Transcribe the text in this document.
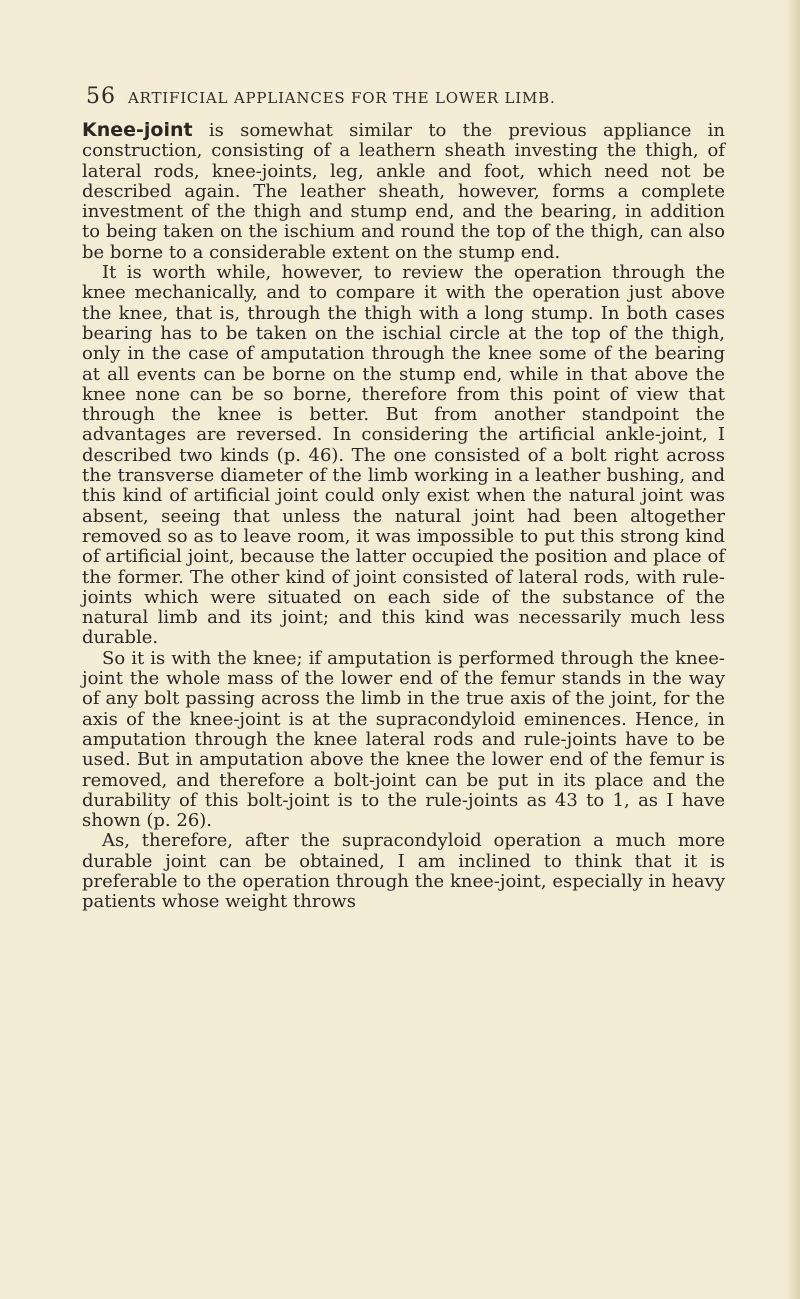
56 ARTIFICIAL APPLIANCES FOR THE LOWER LIMB.

Knee-joint is somewhat similar to the previous appliance in construction, consisting of a leathern sheath investing the thigh, of lateral rods, knee-joints, leg, ankle and foot, which need not be described again. The leather sheath, however, forms a complete investment of the thigh and stump end, and the bearing, in addition to being taken on the ischium and round the top of the thigh, can also be borne to a considerable extent on the stump end.

It is worth while, however, to review the operation through the knee mechanically, and to compare it with the operation just above the knee, that is, through the thigh with a long stump. In both cases bearing has to be taken on the ischial circle at the top of the thigh, only in the case of amputation through the knee some of the bearing at all events can be borne on the stump end, while in that above the knee none can be so borne, therefore from this point of view that through the knee is better. But from another standpoint the advantages are reversed. In considering the artificial ankle-joint, I described two kinds (p. 46). The one consisted of a bolt right across the transverse diameter of the limb working in a leather bushing, and this kind of artificial joint could only exist when the natural joint was absent, seeing that unless the natural joint had been altogether removed so as to leave room, it was impossible to put this strong kind of artificial joint, because the latter occupied the position and place of the former. The other kind of joint consisted of lateral rods, with rule-joints which were situated on each side of the substance of the natural limb and its joint; and this kind was necessarily much less durable.

So it is with the knee; if amputation is performed through the knee-joint the whole mass of the lower end of the femur stands in the way of any bolt passing across the limb in the true axis of the joint, for the axis of the knee-joint is at the supracondyloid eminences. Hence, in amputation through the knee lateral rods and rule-joints have to be used. But in amputation above the knee the lower end of the femur is removed, and therefore a bolt-joint can be put in its place and the durability of this bolt-joint is to the rule-joints as 43 to 1, as I have shown (p. 26).

As, therefore, after the supracondyloid operation a much more durable joint can be obtained, I am inclined to think that it is preferable to the operation through the knee-joint, especially in heavy patients whose weight throws
